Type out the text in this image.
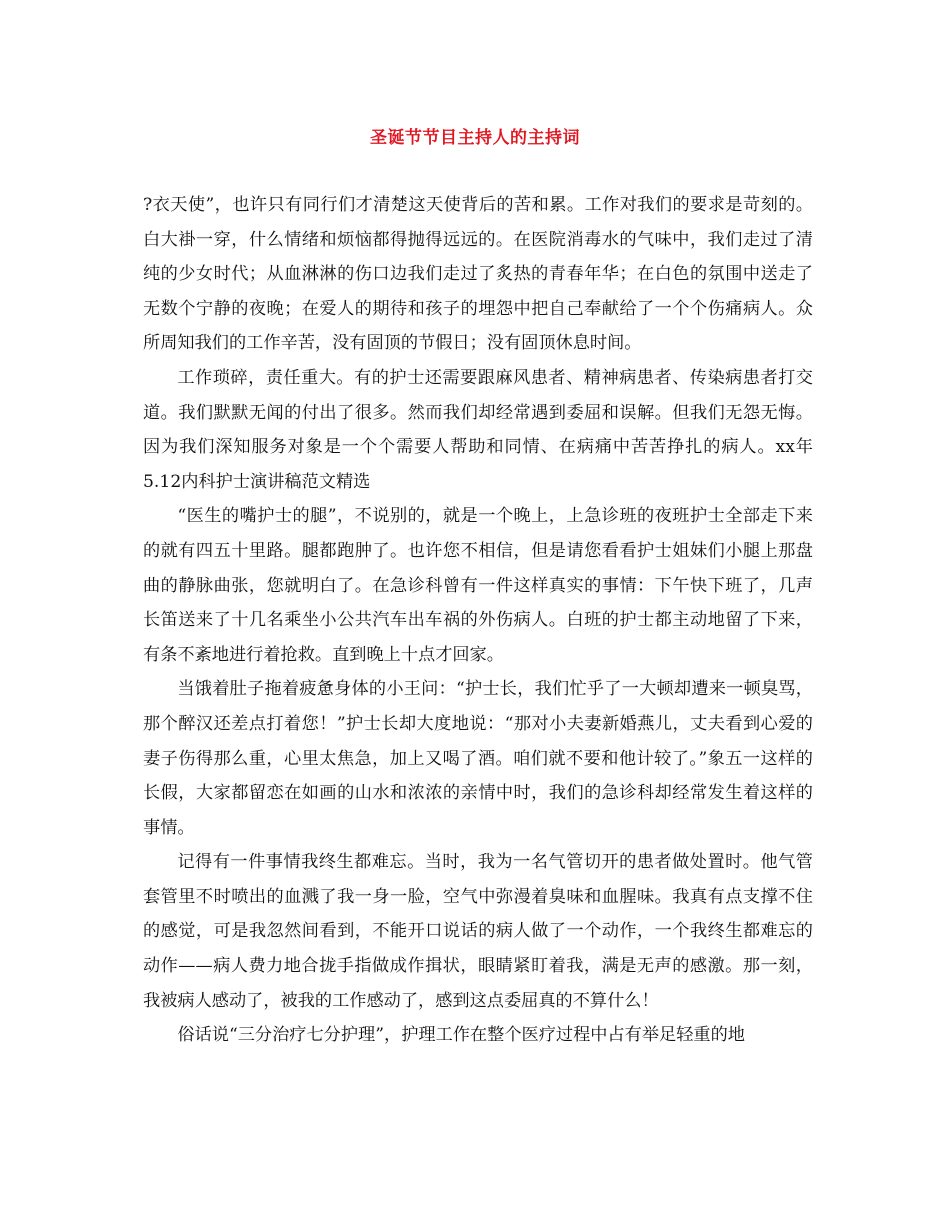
圣诞节节目主持人的主持词

?衣天使”，也许只有同行们才清楚这天使背后的苦和累。工作对我们的要求是苛刻的。白大褂一穿，什么情绪和烦恼都得抛得远远的。在医院消毒水的气味中，我们走过了清纯的少女时代；从血淋淋的伤口边我们走过了炙热的青春年华；在白色的氛围中送走了无数个宁静的夜晚；在爱人的期待和孩子的埋怨中把自己奉献给了一个个伤痛病人。众所周知我们的工作辛苦，没有固顶的节假日；没有固顶休息时间。

工作琐碎，责任重大。有的护士还需要跟麻风患者、精神病患者、传染病患者打交道。我们默默无闻的付出了很多。然而我们却经常遇到委屈和误解。但我们无怨无悔。因为我们深知服务对象是一个个需要人帮助和同情、在病痛中苦苦挣扎的病人。xx年5.12内科护士演讲稿范文精选

“医生的嘴护士的腿”，不说别的，就是一个晚上，上急诊班的夜班护士全部走下来的就有四五十里路。腿都跑肿了。也许您不相信，但是请您看看护士姐妹们小腿上那盘曲的静脉曲张，您就明白了。在急诊科曾有一件这样真实的事情：下午快下班了，几声长笛送来了十几名乘坐小公共汽车出车祸的外伤病人。白班的护士都主动地留了下来，有条不紊地进行着抢救。直到晚上十点才回家。

当饿着肚子拖着疲惫身体的小王问：“护士长，我们忙乎了一大顿却遭来一顿臭骂，那个醉汉还差点打着您！”护士长却大度地说：“那对小夫妻新婚燕儿，丈夫看到心爱的妻子伤得那么重，心里太焦急，加上又喝了酒。咱们就不要和他计较了。”象五一这样的长假，大家都留恋在如画的山水和浓浓的亲情中时，我们的急诊科却经常发生着这样的事情。

记得有一件事情我终生都难忘。当时，我为一名气管切开的患者做处置时。他气管套管里不时喷出的血溅了我一身一脸，空气中弥漫着臭味和血腥味。我真有点支撑不住的感觉，可是我忽然间看到，不能开口说话的病人做了一个动作，一个我终生都难忘的动作——病人费力地合拢手指做成作揖状，眼睛紧盯着我，满是无声的感激。那一刻，我被病人感动了，被我的工作感动了，感到这点委屈真的不算什么！

俗话说“三分治疗七分护理”，护理工作在整个医疗过程中占有举足轻重的地
